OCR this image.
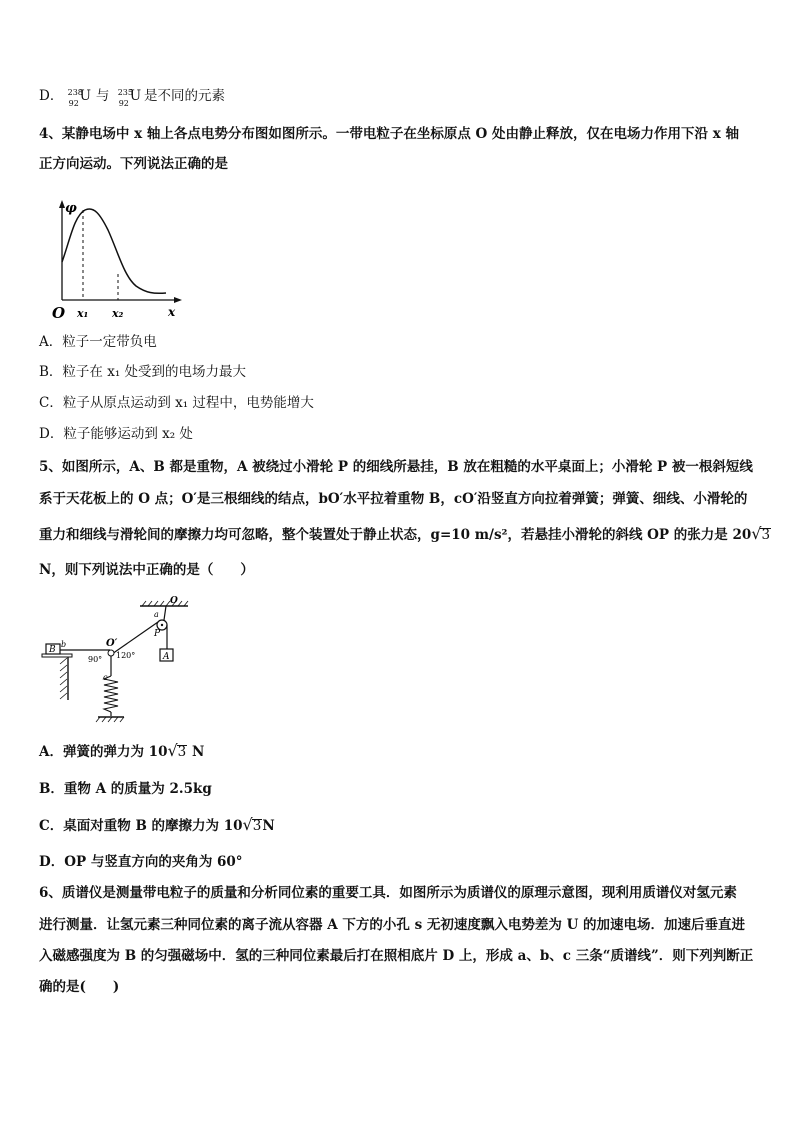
D． 238
92 U 与 235
92 U 是不同的元素
4、某静电场中 x 轴上各点电势分布图如图所示。一带电粒子在坐标原点 O 处由静止释放，仅在电场力作用下沿 x 轴
正方向运动。下列说法正确的是
φ
O x₁ x₂	x
A．粒子一定带负电
B．粒子在 x₁ 处受到的电场力最大
C．粒子从原点运动到 x₁ 过程中，电势能增大
D．粒子能够运动到 x₂ 处
5、如图所示，A、B 都是重物，A 被绕过小滑轮 P 的细线所悬挂，B 放在粗糙的水平桌面上；小滑轮 P 被一根斜短线
系于天花板上的 O 点；O′是三根细线的结点，bO′水平拉着重物 B，cO′沿竖直方向拉着弹簧；弹簧、细线、小滑轮的
重力和细线与滑轮间的摩擦力均可忽略，整个装置处于静止状态，g=10 m/s²，若悬挂小滑轮的斜线 OP 的张力是 20√3
N，则下列说法中正确的是（　　）
O
a
P
A
B
b	O′
90° 120°
c
A．弹簧的弹力为 10√3 N
B．重物 A 的质量为 2.5kg
C．桌面对重物 B 的摩擦力为 10√3N
D．OP 与竖直方向的夹角为 60°
6、质谱仪是测量带电粒子的质量和分析同位素的重要工具．如图所示为质谱仪的原理示意图，现利用质谱仪对氢元素
进行测量．让氢元素三种同位素的离子流从容器 A 下方的小孔 s 无初速度飘入电势差为 U 的加速电场．加速后垂直进
入磁感强度为 B 的匀强磁场中．氢的三种同位素最后打在照相底片 D 上，形成 a、b、c 三条“质谱线”．则下列判断正
确的是(　　)
